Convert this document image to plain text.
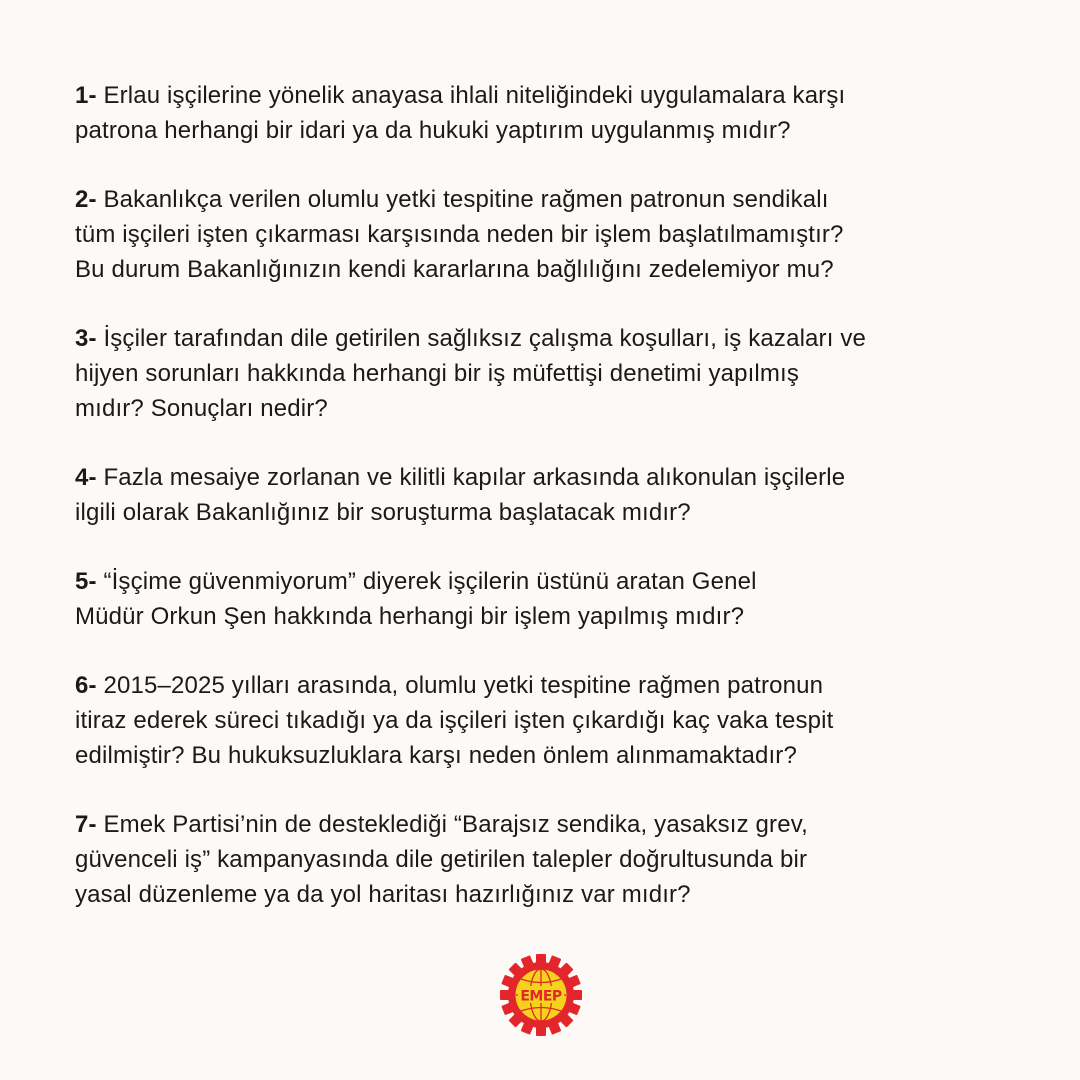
1- Erlau işçilerine yönelik anayasa ihlali niteliğindeki uygulamalara karşı
patrona herhangi bir idari ya da hukuki yaptırım uygulanmış mıdır?

2- Bakanlıkça verilen olumlu yetki tespitine rağmen patronun sendikalı
tüm işçileri işten çıkarması karşısında neden bir işlem başlatılmamıştır?
Bu durum Bakanlığınızın kendi kararlarına bağlılığını zedelemiyor mu?

3- İşçiler tarafından dile getirilen sağlıksız çalışma koşulları, iş kazaları ve
hijyen sorunları hakkında herhangi bir iş müfettişi denetimi yapılmış
mıdır? Sonuçları nedir?

4- Fazla mesaiye zorlanan ve kilitli kapılar arkasında alıkonulan işçilerle
ilgili olarak Bakanlığınız bir soruşturma başlatacak mıdır?

5- “İşçime güvenmiyorum” diyerek işçilerin üstünü aratan Genel
Müdür Orkun Şen hakkında herhangi bir işlem yapılmış mıdır?

6- 2015–2025 yılları arasında, olumlu yetki tespitine rağmen patronun
itiraz ederek süreci tıkadığı ya da işçileri işten çıkardığı kaç vaka tespit
edilmiştir? Bu hukuksuzluklara karşı neden önlem alınmamaktadır?

7- Emek Partisi’nin de desteklediği “Barajsız sendika, yasaksız grev,
güvenceli iş” kampanyasında dile getirilen talepler doğrultusunda bir
yasal düzenleme ya da yol haritası hazırlığınız var mıdır?

EMEP
